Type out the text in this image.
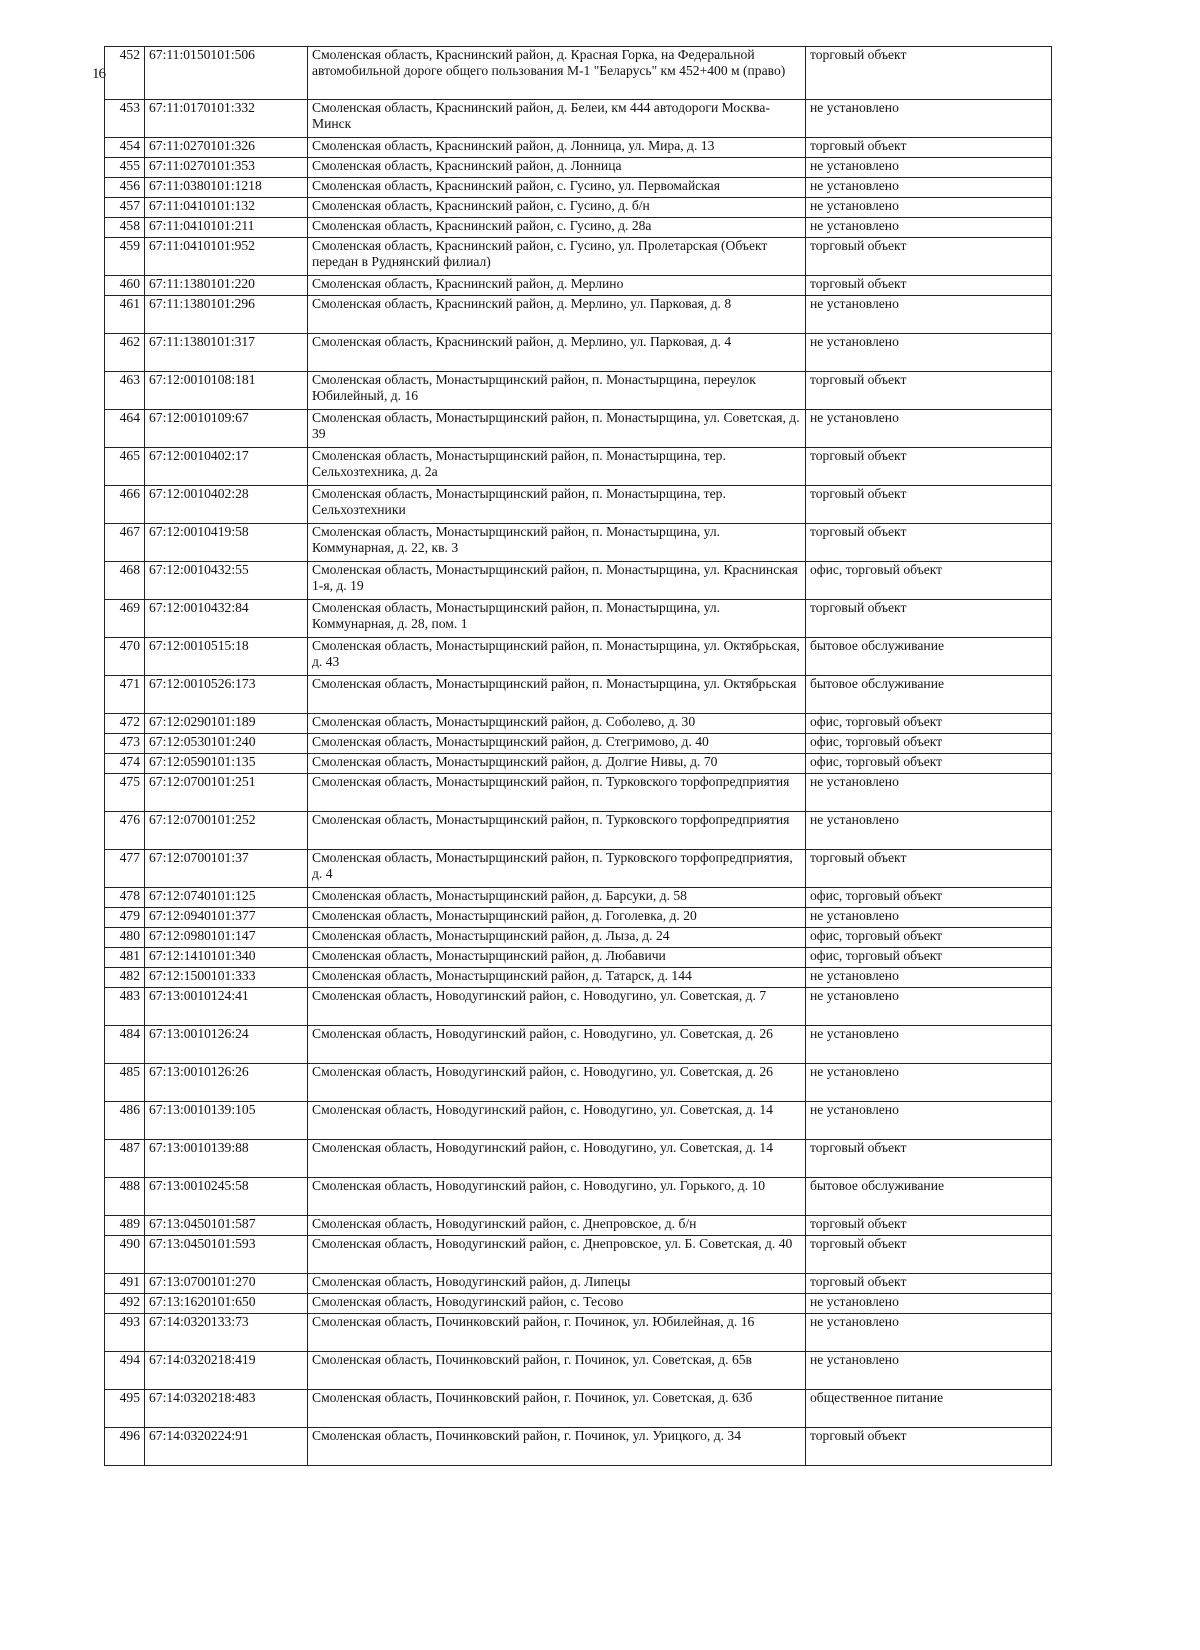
16
452	67:11:0150101:506	Смоленская область, Краснинский район, д. Красная Горка, на Федеральной автомобильной дороге общего пользования М-1 "Беларусь" км 452+400 м (право)	торговый объект
453	67:11:0170101:332	Смоленская область, Краснинский район, д. Белеи, км 444 автодороги Москва-Минск	не установлено
454	67:11:0270101:326	Смоленская область, Краснинский район, д. Лонница, ул. Мира, д. 13	торговый объект
455	67:11:0270101:353	Смоленская область, Краснинский район, д. Лонница	не установлено
456	67:11:0380101:1218	Смоленская область, Краснинский район, с. Гусино, ул. Первомайская	не установлено
457	67:11:0410101:132	Смоленская область, Краснинский район, с. Гусино, д. б/н	не установлено
458	67:11:0410101:211	Смоленская область, Краснинский район, с. Гусино, д. 28а	не установлено
459	67:11:0410101:952	Смоленская область, Краснинский район, с. Гусино, ул. Пролетарская (Объект передан в Руднянский филиал)	торговый объект
460	67:11:1380101:220	Смоленская область, Краснинский район, д. Мерлино	торговый объект
461	67:11:1380101:296	Смоленская область, Краснинский район, д. Мерлино, ул. Парковая, д. 8	не установлено
462	67:11:1380101:317	Смоленская область, Краснинский район, д. Мерлино, ул. Парковая, д. 4	не установлено
463	67:12:0010108:181	Смоленская область, Монастырщинский район, п. Монастырщина, переулок Юбилейный, д. 16	торговый объект
464	67:12:0010109:67	Смоленская область, Монастырщинский район, п. Монастырщина, ул. Советская, д. 39	не установлено
465	67:12:0010402:17	Смоленская область, Монастырщинский район, п. Монастырщина, тер. Сельхозтехника, д. 2а	торговый объект
466	67:12:0010402:28	Смоленская область, Монастырщинский район, п. Монастырщина, тер. Сельхозтехники	торговый объект
467	67:12:0010419:58	Смоленская область, Монастырщинский район, п. Монастырщина, ул. Коммунарная, д. 22, кв. 3	торговый объект
468	67:12:0010432:55	Смоленская область, Монастырщинский район, п. Монастырщина, ул. Краснинская 1-я, д. 19	офис, торговый объект
469	67:12:0010432:84	Смоленская область, Монастырщинский район, п. Монастырщина, ул. Коммунарная, д. 28, пом. 1	торговый объект
470	67:12:0010515:18	Смоленская область, Монастырщинский район, п. Монастырщина, ул. Октябрьская, д. 43	бытовое обслуживание
471	67:12:0010526:173	Смоленская область, Монастырщинский район, п. Монастырщина, ул. Октябрьская	бытовое обслуживание
472	67:12:0290101:189	Смоленская область, Монастырщинский район, д. Соболево, д. 30	офис, торговый объект
473	67:12:0530101:240	Смоленская область, Монастырщинский район, д. Стегримово, д. 40	офис, торговый объект
474	67:12:0590101:135	Смоленская область, Монастырщинский район, д. Долгие Нивы, д. 70	офис, торговый объект
475	67:12:0700101:251	Смоленская область, Монастырщинский район, п. Турковского торфопредприятия	не установлено
476	67:12:0700101:252	Смоленская область, Монастырщинский район, п. Турковского торфопредприятия	не установлено
477	67:12:0700101:37	Смоленская область, Монастырщинский район, п. Турковского торфопредприятия, д. 4	торговый объект
478	67:12:0740101:125	Смоленская область, Монастырщинский район, д. Барсуки, д. 58	офис, торговый объект
479	67:12:0940101:377	Смоленская область, Монастырщинский район, д. Гоголевка, д. 20	не установлено
480	67:12:0980101:147	Смоленская область, Монастырщинский район, д. Лыза, д. 24	офис, торговый объект
481	67:12:1410101:340	Смоленская область, Монастырщинский район, д. Любавичи	офис, торговый объект
482	67:12:1500101:333	Смоленская область, Монастырщинский район, д. Татарск, д. 144	не установлено
483	67:13:0010124:41	Смоленская область, Новодугинский район, с. Новодугино, ул. Советская, д. 7	не установлено
484	67:13:0010126:24	Смоленская область, Новодугинский район, с. Новодугино, ул. Советская, д. 26	не установлено
485	67:13:0010126:26	Смоленская область, Новодугинский район, с. Новодугино, ул. Советская, д. 26	не установлено
486	67:13:0010139:105	Смоленская область, Новодугинский район, с. Новодугино, ул. Советская, д. 14	не установлено
487	67:13:0010139:88	Смоленская область, Новодугинский район, с. Новодугино, ул. Советская, д. 14	торговый объект
488	67:13:0010245:58	Смоленская область, Новодугинский район, с. Новодугино, ул. Горького, д. 10	бытовое обслуживание
489	67:13:0450101:587	Смоленская область, Новодугинский район, с. Днепровское, д. б/н	торговый объект
490	67:13:0450101:593	Смоленская область, Новодугинский район, с. Днепровское, ул. Б. Советская, д. 40	торговый объект
491	67:13:0700101:270	Смоленская область, Новодугинский район, д. Липецы	торговый объект
492	67:13:1620101:650	Смоленская область, Новодугинский район, с. Тесово	не установлено
493	67:14:0320133:73	Смоленская область, Починковский район, г. Починок, ул. Юбилейная, д. 16	не установлено
494	67:14:0320218:419	Смоленская область, Починковский район, г. Починок, ул. Советская, д. 65в	не установлено
495	67:14:0320218:483	Смоленская область, Починковский район, г. Починок, ул. Советская, д. 63б	общественное питание
496	67:14:0320224:91	Смоленская область, Починковский район, г. Починок, ул. Урицкого, д. 34	торговый объект
